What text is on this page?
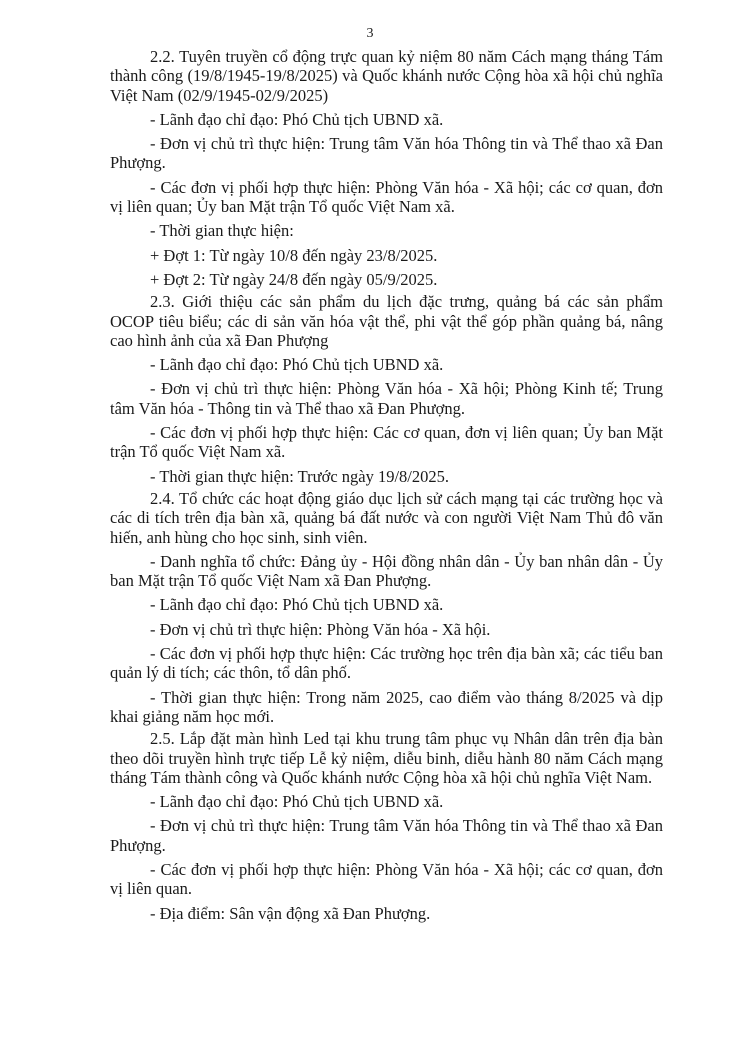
3

2.2. Tuyên truyền cổ động trực quan kỷ niệm 80 năm Cách mạng tháng Tám thành công (19/8/1945-19/8/2025) và Quốc khánh nước Cộng hòa xã hội chủ nghĩa Việt Nam (02/9/1945-02/9/2025)

- Lãnh đạo chỉ đạo: Phó Chủ tịch UBND xã.

- Đơn vị chủ trì thực hiện: Trung tâm Văn hóa Thông tin và Thể thao xã Đan Phượng.

- Các đơn vị phối hợp thực hiện: Phòng Văn hóa - Xã hội; các cơ quan, đơn vị liên quan; Ủy ban Mặt trận Tổ quốc Việt Nam xã.

- Thời gian thực hiện:

+ Đợt 1: Từ ngày 10/8 đến ngày 23/8/2025.

+ Đợt 2: Từ ngày 24/8 đến ngày 05/9/2025.

2.3. Giới thiệu các sản phẩm du lịch đặc trưng, quảng bá các sản phẩm OCOP tiêu biểu; các di sản văn hóa vật thể, phi vật thể góp phần quảng bá, nâng cao hình ảnh của xã Đan Phượng

- Lãnh đạo chỉ đạo: Phó Chủ tịch UBND xã.

- Đơn vị chủ trì thực hiện: Phòng Văn hóa - Xã hội; Phòng Kinh tế; Trung tâm Văn hóa - Thông tin và Thể thao xã Đan Phượng.

- Các đơn vị phối hợp thực hiện: Các cơ quan, đơn vị liên quan; Ủy ban Mặt trận Tổ quốc Việt Nam xã.

- Thời gian thực hiện: Trước ngày 19/8/2025.

2.4. Tổ chức các hoạt động giáo dục lịch sử cách mạng tại các trường học và các di tích trên địa bàn xã, quảng bá đất nước và con người Việt Nam Thủ đô văn hiến, anh hùng cho học sinh, sinh viên.

- Danh nghĩa tổ chức: Đảng ủy - Hội đồng nhân dân - Ủy ban nhân dân - Ủy ban Mặt trận Tổ quốc Việt Nam xã Đan Phượng.

- Lãnh đạo chỉ đạo: Phó Chủ tịch UBND xã.

- Đơn vị chủ trì thực hiện: Phòng Văn hóa - Xã hội.

- Các đơn vị phối hợp thực hiện: Các trường học trên địa bàn xã; các tiểu ban quản lý di tích; các thôn, tổ dân phố.

- Thời gian thực hiện: Trong năm 2025, cao điểm vào tháng 8/2025 và dịp khai giảng năm học mới.

2.5. Lắp đặt màn hình Led tại khu trung tâm phục vụ Nhân dân trên địa bàn theo dõi truyền hình trực tiếp Lễ kỷ niệm, diễu binh, diễu hành 80 năm Cách mạng tháng Tám thành công và Quốc khánh nước Cộng hòa xã hội chủ nghĩa Việt Nam.

- Lãnh đạo chỉ đạo: Phó Chủ tịch UBND xã.

- Đơn vị chủ trì thực hiện: Trung tâm Văn hóa Thông tin và Thể thao xã Đan Phượng.

- Các đơn vị phối hợp thực hiện: Phòng Văn hóa - Xã hội; các cơ quan, đơn vị liên quan.

- Địa điểm: Sân vận động xã Đan Phượng.
